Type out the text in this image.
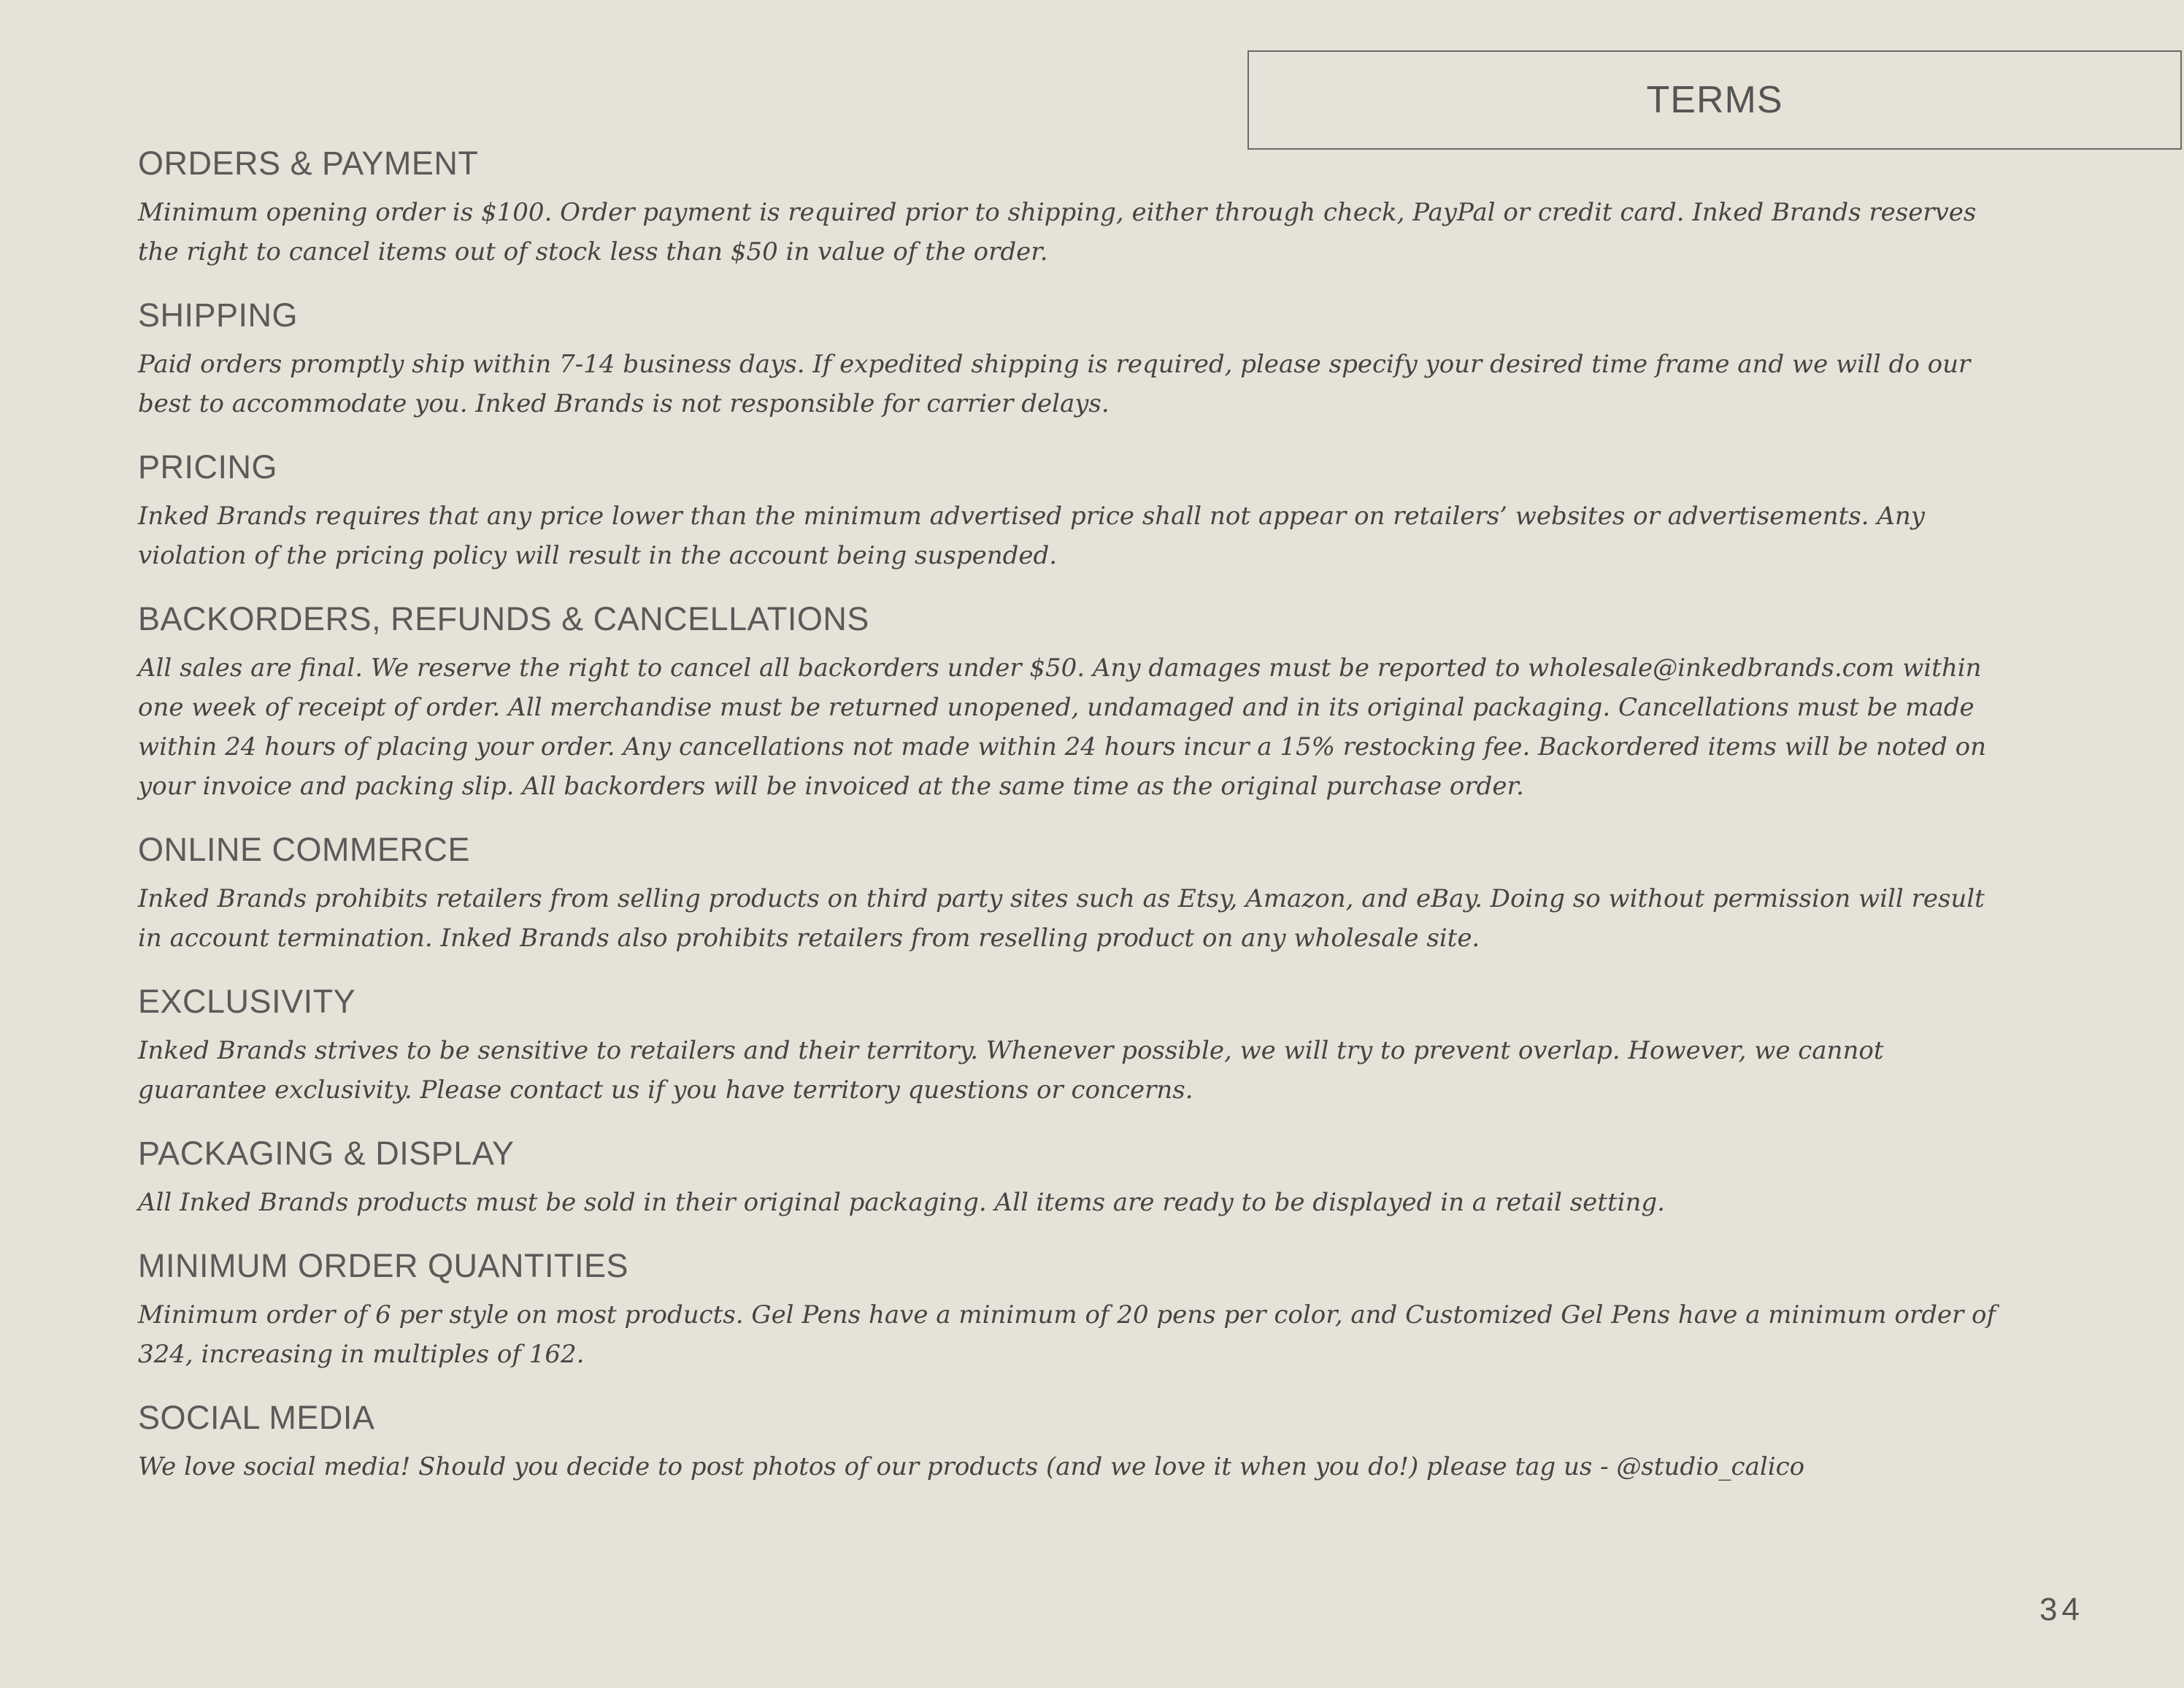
TERMS
ORDERS & PAYMENT

Minimum opening order is $100. Order payment is required prior to shipping, either through check, PayPal or credit card. Inked Brands reserves the right to cancel items out of stock less than $50 in value of the order.

SHIPPING

Paid orders promptly ship within 7-14 business days. If expedited shipping is required, please specify your desired time frame and we will do our best to accommodate you. Inked Brands is not responsible for carrier delays.

PRICING

Inked Brands requires that any price lower than the minimum advertised price shall not appear on retailers’ websites or advertisements. Any violation of the pricing policy will result in the account being suspended.

BACKORDERS, REFUNDS & CANCELLATIONS

All sales are final. We reserve the right to cancel all backorders under $50. Any damages must be reported to wholesale@inkedbrands.com within one week of receipt of order. All merchandise must be returned unopened, undamaged and in its original packaging. Cancellations must be made within 24 hours of placing your order. Any cancellations not made within 24 hours incur a 15% restocking fee. Backordered items will be noted on your invoice and packing slip. All backorders will be invoiced at the same time as the original purchase order.

ONLINE COMMERCE

Inked Brands prohibits retailers from selling products on third party sites such as Etsy, Amazon, and eBay. Doing so without permission will result in account termination. Inked Brands also prohibits retailers from reselling product on any wholesale site.

EXCLUSIVITY

Inked Brands strives to be sensitive to retailers and their territory. Whenever possible, we will try to prevent overlap. However, we cannot guarantee exclusivity. Please contact us if you have territory questions or concerns.

PACKAGING & DISPLAY

All Inked Brands products must be sold in their original packaging. All items are ready to be displayed in a retail setting.

MINIMUM ORDER QUANTITIES

Minimum order of 6 per style on most products. Gel Pens have a minimum of 20 pens per color, and Customized Gel Pens have a minimum order of 324, increasing in multiples of 162.

SOCIAL MEDIA

We love social media! Should you decide to post photos of our products (and we love it when you do!) please tag us - @studio_calico

34
